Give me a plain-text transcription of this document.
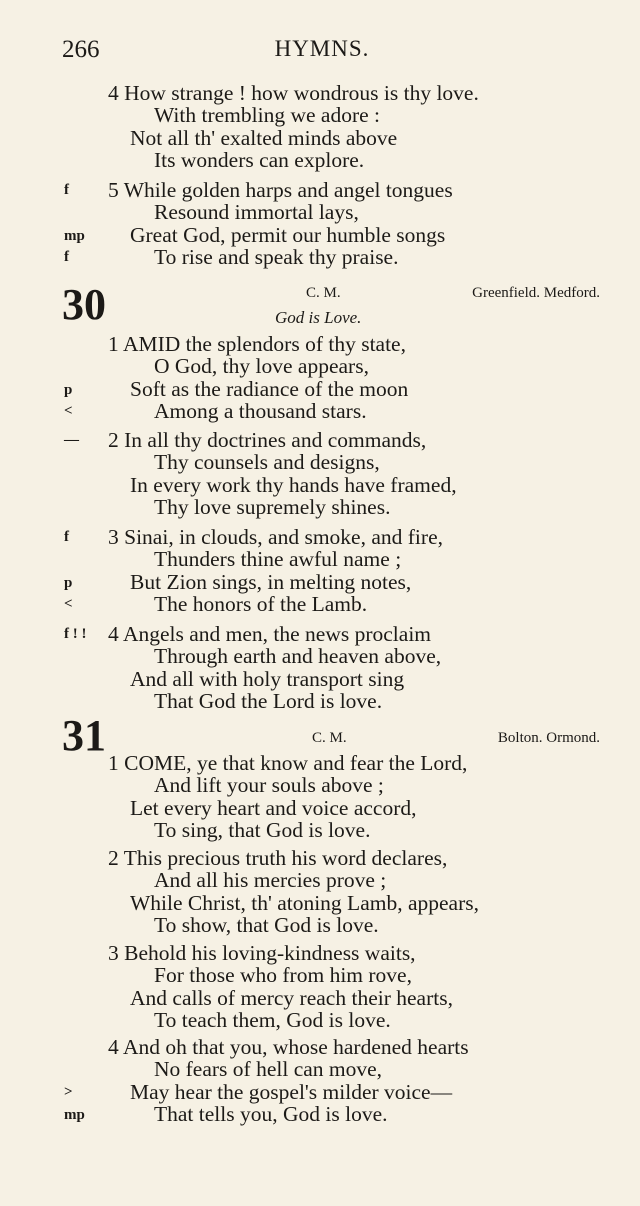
266	HYMNS.
4 How strange ! how wondrous is thy love.
With trembling we adore :
Not all th' exalted minds above
Its wonders can explore.
5 While golden harps and angel tongues
Resound immortal lays,
Great God, permit our humble songs
To rise and speak thy praise.
f
mp
f
30	C. M.	Greenfield. Medford.
God is Love.
1 AMID the splendors of thy state,
O God, thy love appears,
Soft as the radiance of the moon
Among a thousand stars.
2 In all thy doctrines and commands,
Thy counsels and designs,
In every work thy hands have framed,
Thy love supremely shines.
3 Sinai, in clouds, and smoke, and fire,
Thunders thine awful name ;
But Zion sings, in melting notes,
The honors of the Lamb.
4 Angels and men, the news proclaim
Through earth and heaven above,
And all with holy transport sing
That God the Lord is love.
p
<
—
f
p
<
f ! !
31	C. M.	Bolton. Ormond.
1 COME, ye that know and fear the Lord,
And lift your souls above ;
Let every heart and voice accord,
To sing, that God is love.
2 This precious truth his word declares,
And all his mercies prove ;
While Christ, th' atoning Lamb, appears,
To show, that God is love.
3 Behold his loving-kindness waits,
For those who from him rove,
And calls of mercy reach their hearts,
To teach them, God is love.
4 And oh that you, whose hardened hearts
No fears of hell can move,
May hear the gospel's milder voice—
That tells you, God is love.
>
mp
